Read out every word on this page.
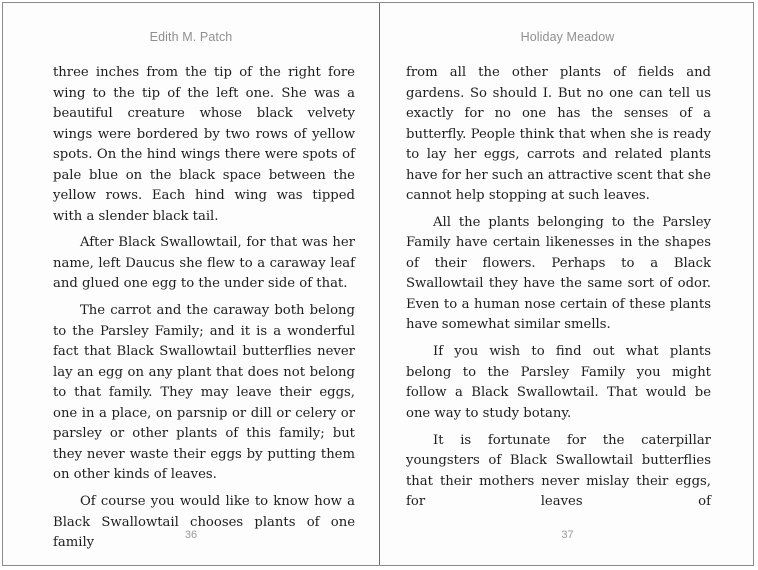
Edith M. Patch

three inches from the tip of the right fore wing to the tip of the left one. She was a beautiful creature whose black velvety wings were bordered by two rows of yellow spots. On the hind wings there were spots of pale blue on the black space between the yellow rows. Each hind wing was tipped with a slender black tail.

After Black Swallowtail, for that was her name, left Daucus she flew to a caraway leaf and glued one egg to the under side of that.

The carrot and the caraway both belong to the Parsley Family; and it is a wonderful fact that Black Swallowtail butterflies never lay an egg on any plant that does not belong to that family. They may leave their eggs, one in a place, on parsnip or dill or celery or parsley or other plants of this family; but they never waste their eggs by putting them on other kinds of leaves.

Of course you would like to know how a Black Swallowtail chooses plants of one family

36
Holiday Meadow

from all the other plants of fields and gardens. So should I. But no one can tell us exactly for no one has the senses of a butterfly. People think that when she is ready to lay her eggs, carrots and related plants have for her such an attractive scent that she cannot help stopping at such leaves.

All the plants belonging to the Parsley Family have certain likenesses in the shapes of their flowers. Perhaps to a Black Swallowtail they have the same sort of odor. Even to a human nose certain of these plants have somewhat similar smells.

If you wish to find out what plants belong to the Parsley Family you might follow a Black Swallowtail. That would be one way to study botany.

It is fortunate for the caterpillar youngsters of Black Swallowtail butterflies that their mothers never mislay their eggs, for leaves of

37
